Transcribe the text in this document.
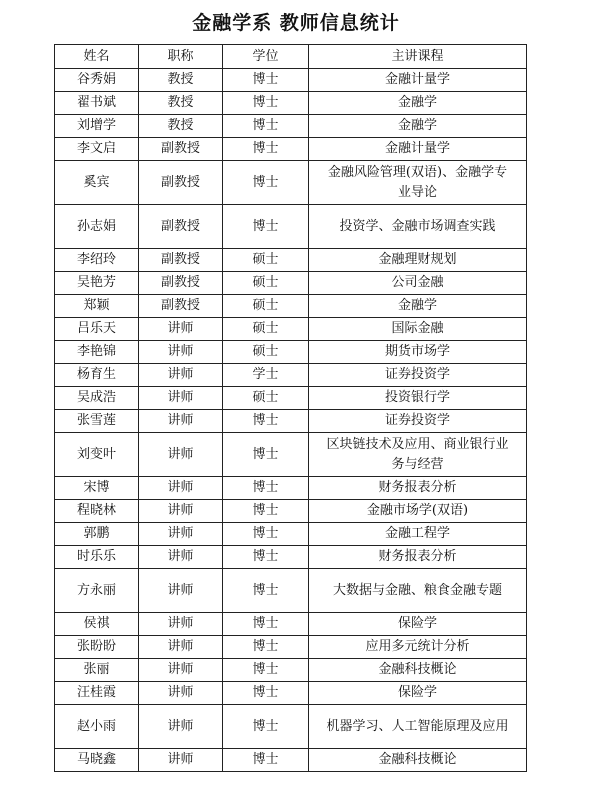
金融学系 教师信息统计
姓名	职称	学位	主讲课程
谷秀娟	教授	博士	金融计量学
翟书斌	教授	博士	金融学
刘增学	教授	博士	金融学
李文启	副教授	博士	金融计量学
奚宾	副教授	博士	金融风险管理(双语)、金融学专业导论
孙志娟	副教授	博士	投资学、金融市场调查实践
李绍玲	副教授	硕士	金融理财规划
吴艳芳	副教授	硕士	公司金融
郑颖	副教授	硕士	金融学
吕乐天	讲师	硕士	国际金融
李艳锦	讲师	硕士	期货市场学
杨育生	讲师	学士	证券投资学
吴成浩	讲师	硕士	投资银行学
张雪莲	讲师	博士	证券投资学
刘变叶	讲师	博士	区块链技术及应用、商业银行业务与经营
宋博	讲师	博士	财务报表分析
程晓林	讲师	博士	金融市场学(双语)
郭鹏	讲师	博士	金融工程学
时乐乐	讲师	博士	财务报表分析
方永丽	讲师	博士	大数据与金融、粮食金融专题
侯祺	讲师	博士	保险学
张盼盼	讲师	博士	应用多元统计分析
张丽	讲师	博士	金融科技概论
汪桂霞	讲师	博士	保险学
赵小雨	讲师	博士	机器学习、人工智能原理及应用
马晓鑫	讲师	博士	金融科技概论
